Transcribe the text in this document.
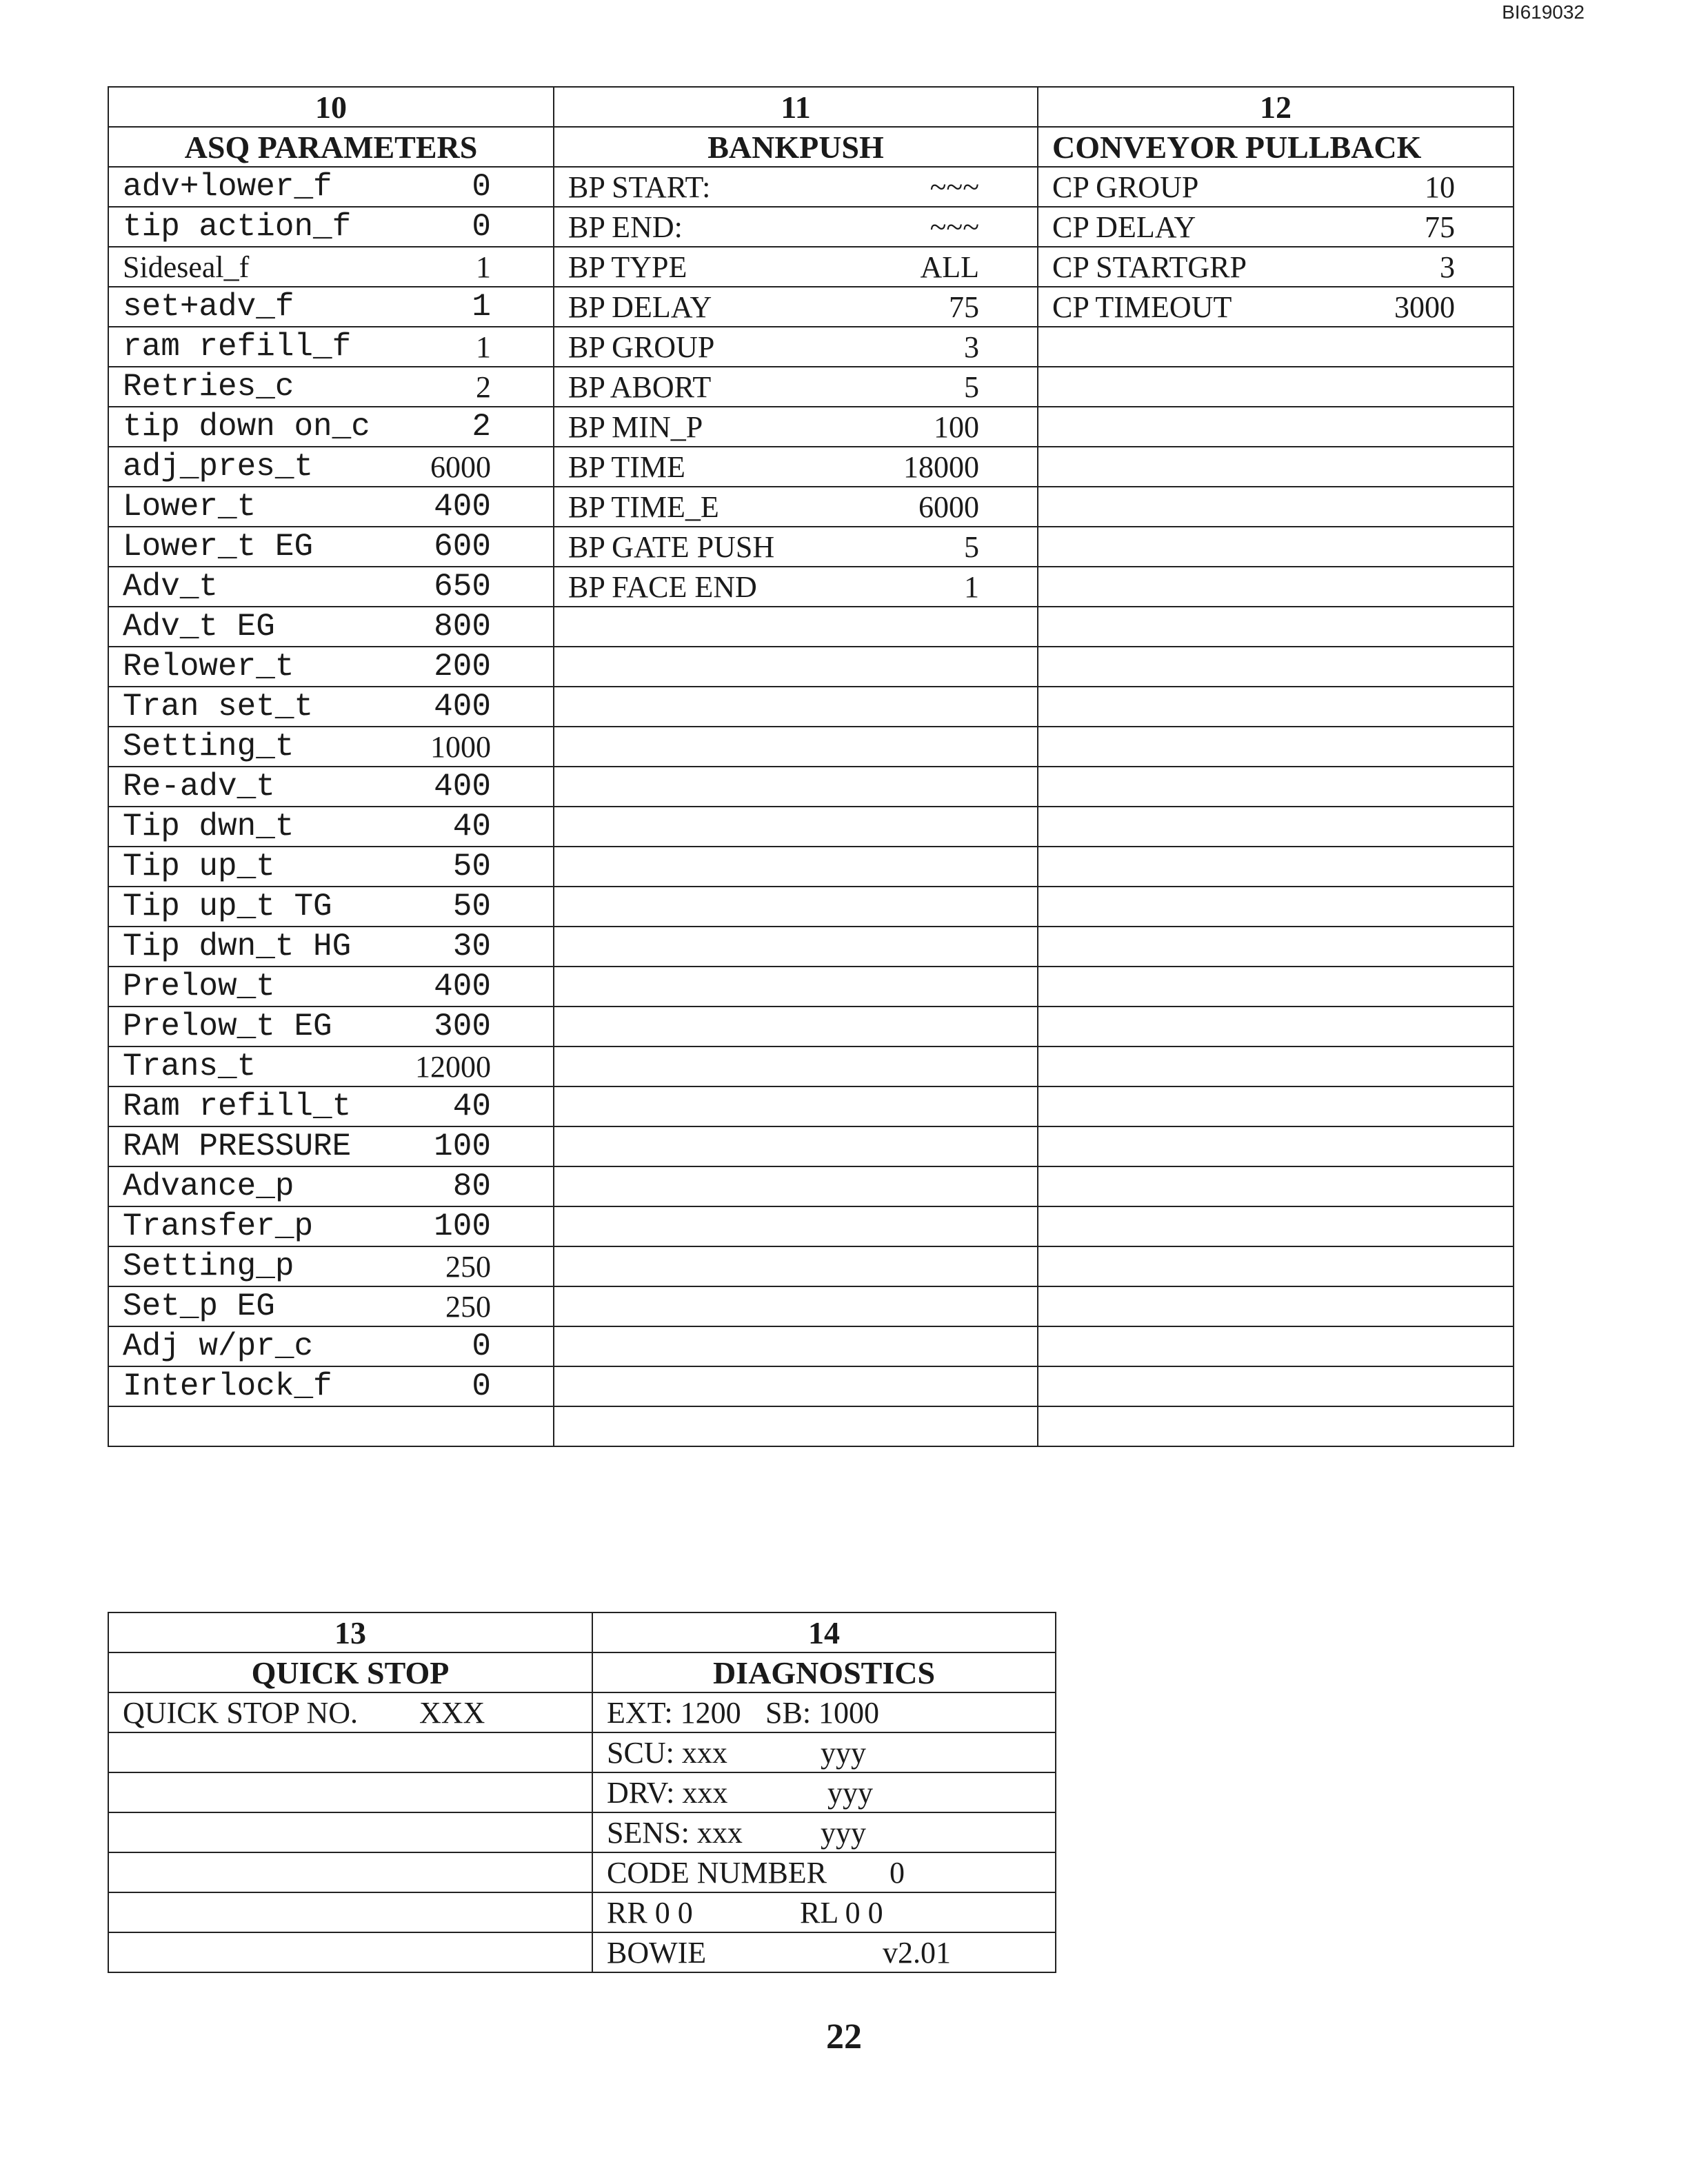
BI619032
10	11	12
ASQ PARAMETERS	BANKPUSH	CONVEYOR PULLBACK

adv+lower_f 0	BP START: ~~~	CP GROUP 10

tip action_f 0	BP END: ~~~	CP DELAY 75

Sideseal_f 1	BP TYPE ALL	CP STARTGRP 3

set+adv_f 1	BP DELAY 75	CP TIMEOUT 3000

ram refill_f 1	BP GROUP 3	

Retries_c 2	BP ABORT 5	

tip down on_c 2	BP MIN_P 100	

adj_pres_t 6000	BP TIME 18000	

Lower_t 400	BP TIME_E 6000	

Lower_t EG 600	BP GATE PUSH 5	

Adv_t 650	BP FACE END 1	

Adv_t EG 800		

Relower_t 200		

Tran set_t 400		

Setting_t 1000		

Re-adv_t 400		

Tip dwn_t 40		

Tip up_t 50		

Tip up_t TG 50		

Tip dwn_t HG 30		

Prelow_t 400		

Prelow_t EG 300		

Trans_t 12000		

Ram refill_t 40		

RAM PRESSURE 100		

Advance_p 80		

Transfer_p 100		

Setting_p 250		

Set_p EG 250		

Adj w/pr_c 0		

Interlock_f 0		

13	14
QUICK STOP	DIAGNOSTICS

QUICK STOP NO. XXX	EXT: 1200 SB: 1000

	SCU: xxx yyy

	DRV: xxx yyy

	SENS: xxx yyy

	CODE NUMBER 0

	RR 0 0 RL 0 0

	BOWIE v2.01
22
